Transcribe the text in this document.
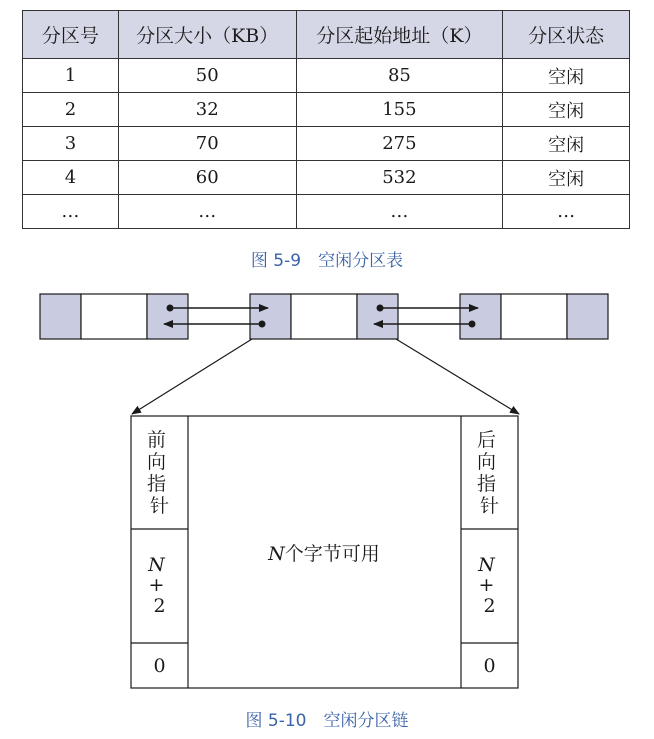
分区号	分区大小（KB）	分区起始地址（K）	分区状态
1	50	85	空闲
2	32	155	空闲
3	70	275	空闲
4	60	532	空闲
…	…	…	…
图 5-9　空闲分区表
前 向 指 针
N + 2
0
后 向 指 针
N + 2
0
N个字节可用
图 5-10　空闲分区链
